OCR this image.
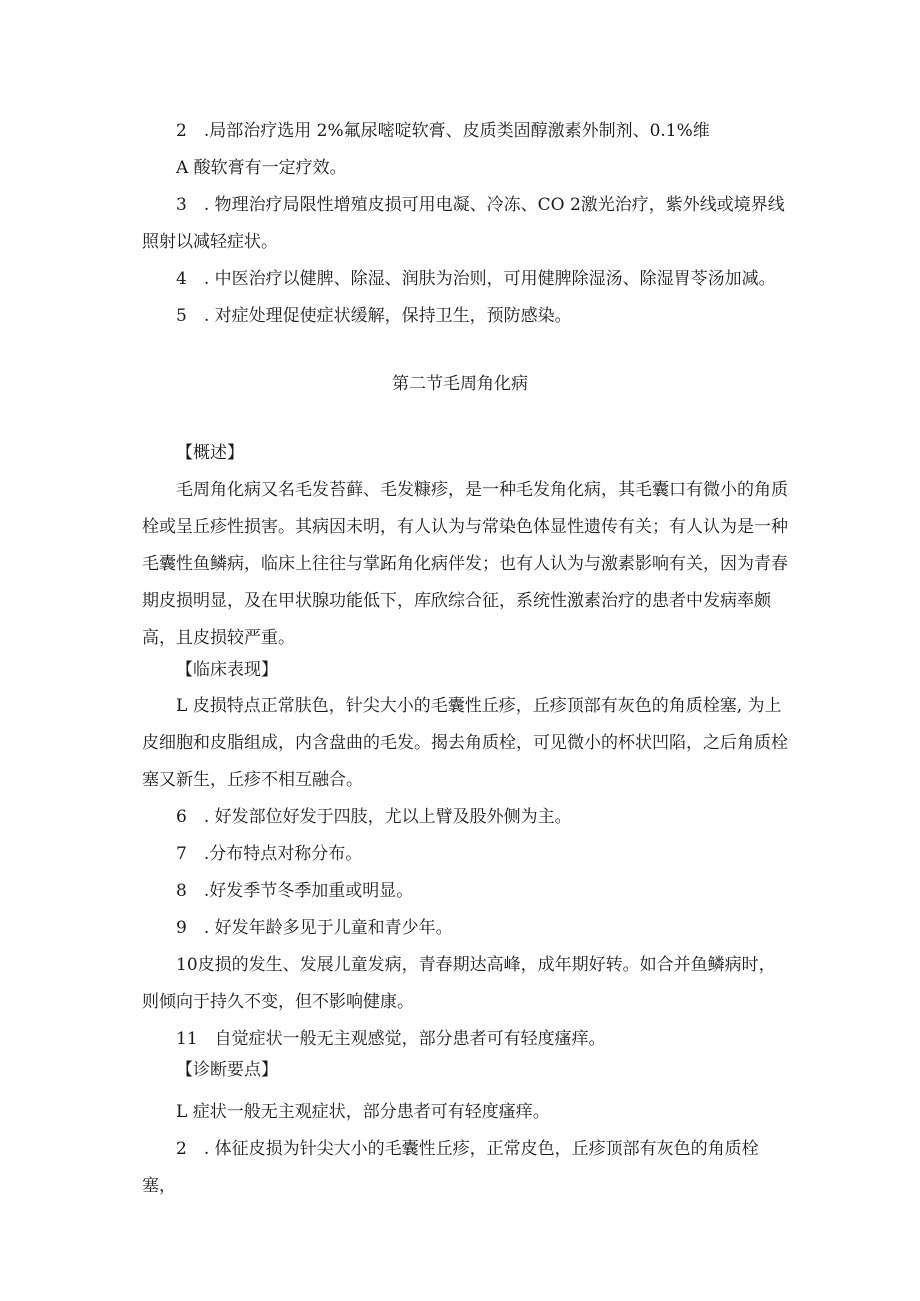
2　.局部治疗选用 2%氟尿嘧啶软膏、皮质类固醇激素外制剂、0.1%维

A 酸软膏有一定疗效。

3　. 物理治疗局限性增殖皮损可用电凝、冷冻、CO 2激光治疗，紫外线或境界线照射以减轻症状。

4　. 中医治疗以健脾、除湿、润肤为治则，可用健脾除湿汤、除湿胃苓汤加减。

5　. 对症处理促使症状缓解，保持卫生，预防感染。

第二节毛周角化病

【概述】

毛周角化病又名毛发苔藓、毛发糠疹，是一种毛发角化病，其毛囊口有微小的角质栓或呈丘疹性损害。其病因未明，有人认为与常染色体显性遗传有关；有人认为是一种毛囊性鱼鳞病，临床上往往与掌跖角化病伴发；也有人认为与激素影响有关，因为青春期皮损明显，及在甲状腺功能低下，库欣综合征，系统性激素治疗的患者中发病率颇高，且皮损较严重。

【临床表现】

L 皮损特点正常肤色，针尖大小的毛囊性丘疹，丘疹顶部有灰色的角质栓塞, 为上皮细胞和皮脂组成，内含盘曲的毛发。揭去角质栓，可见微小的杯状凹陷，之后角质栓塞又新生，丘疹不相互融合。

6　. 好发部位好发于四肢，尤以上臂及股外侧为主。

7　.分布特点对称分布。

8　.好发季节冬季加重或明显。

9　. 好发年龄多见于儿童和青少年。

10皮损的发生、发展儿童发病，青春期达高峰，成年期好转。如合并鱼鳞病时，则倾向于持久不变，但不影响健康。

11　自觉症状一般无主观感觉，部分患者可有轻度瘙痒。

【诊断要点】

L 症状一般无主观症状，部分患者可有轻度瘙痒。

2　. 体征皮损为针尖大小的毛囊性丘疹，正常皮色，丘疹顶部有灰色的角质栓塞，
